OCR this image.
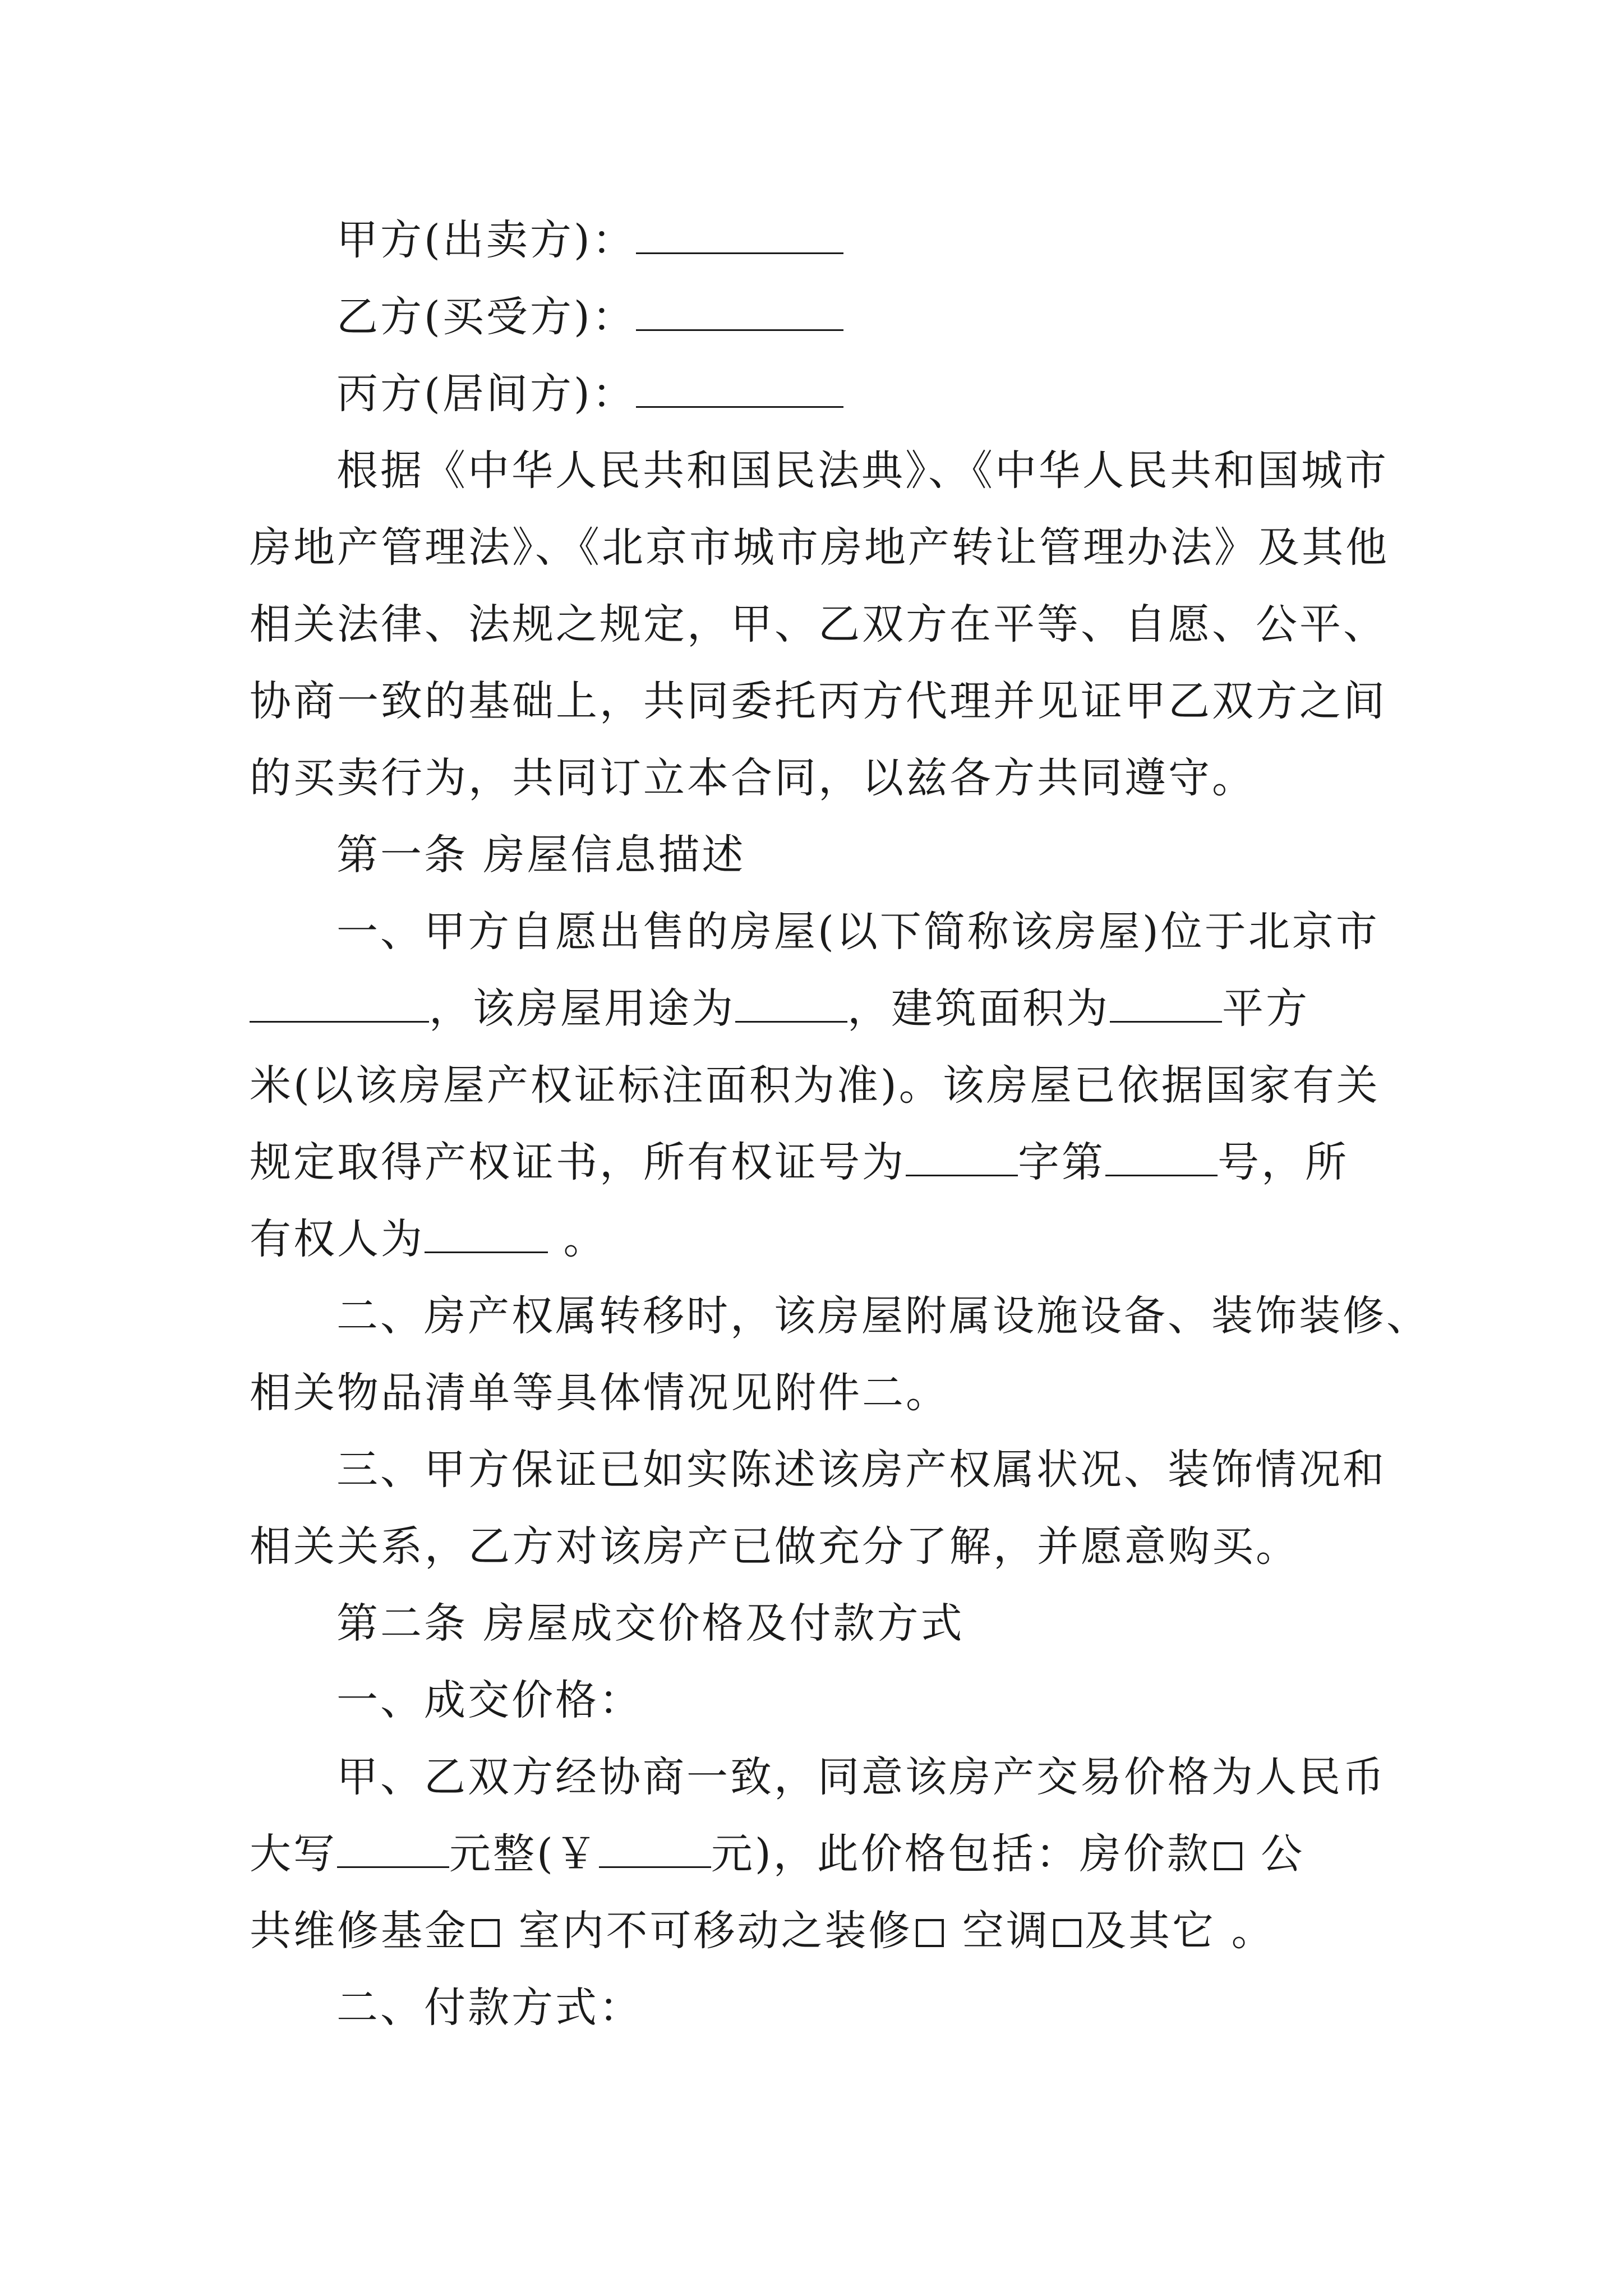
甲方(出卖方)：
乙方(买受方)：
丙方(居间方)：
根据《中华人民共和国民法典》、《中华人民共和国城市
房地产管理法》、《北京市城市房地产转让管理办法》及其他
相关法律、法规之规定，甲、乙双方在平等、自愿、公平、
协商一致的基础上，共同委托丙方代理并见证甲乙双方之间
的买卖行为，共同订立本合同，以兹各方共同遵守。
第一条 房屋信息描述
一、甲方自愿出售的房屋(以下简称该房屋)位于北京市
，该房屋用途为	，建筑面积为	平方
米(以该房屋产权证标注面积为准)。该房屋已依据国家有关
规定取得产权证书，所有权证号为	字第	号，所
有权人为	。
二、房产权属转移时，该房屋附属设施设备、装饰装修、
相关物品清单等具体情况见附件二。
三、甲方保证已如实陈述该房产权属状况、装饰情况和
相关关系，乙方对该房产已做充分了解，并愿意购买。
第二条 房屋成交价格及付款方式
一、成交价格：
甲、乙双方经协商一致，同意该房产交易价格为人民币
大写	元整(￥	元)，此价格包括：房价款 公
共维修基金 室内不可移动之装修 空调 及其它 。
二、付款方式：
